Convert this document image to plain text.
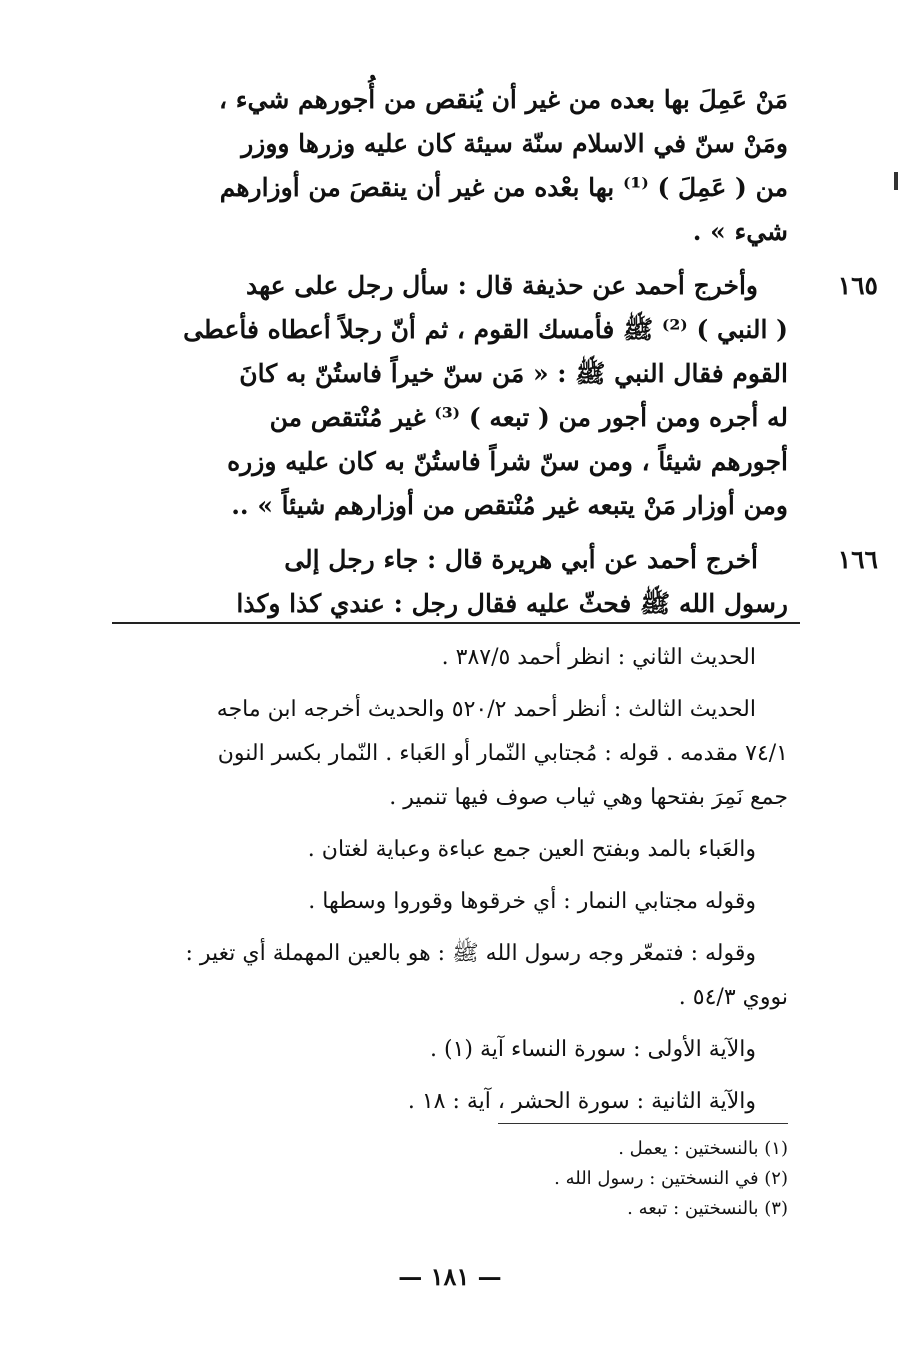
مَنْ عَمِلَ بها بعده من غير أن يُنقص من أُجورهم شيء ،
ومَنْ سنّ في الاسلام سنّة سيئة كان عليه وزرها ووزر
من ( عَمِلَ ) ⁽¹⁾ بها بعْده من غير أن ينقصَ من أوزارهم
شيء » .
١٦٥
وأخرج أحمد عن حذيفة قال : سأل رجل على عهد
( النبي ) ⁽²⁾ ﷺ فأمسك القوم ، ثم أنّ رجلاً أعطاه فأعطى
القوم فقال النبي ﷺ : « مَن سنّ خيراً فاستُنّ به كانَ
له أجره ومن أجور من ( تبعه ) ⁽³⁾ غير مُنْتقص من
أجورهم شيئاً ، ومن سنّ شراً فاستُنّ به كان عليه وزره
ومن أوزار مَنْ يتبعه غير مُنْتقص من أوزارهم شيئاً » ..
١٦٦
أخرج أحمد عن أبي هريرة قال : جاء رجل إلى
رسول الله ﷺ فحثّ عليه فقال رجل : عندي كذا وكذا

الحديث الثاني : انظر أحمد ٣٨٧/٥ .

الحديث الثالث : أنظر أحمد ٥٢٠/٢ والحديث أخرجه ابن ماجه
٧٤/١ مقدمه . قوله : مُجتابي النّمار أو العَباء . النّمار بكسر النون
جمع نَمِرَ بفتحها وهي ثياب صوف فيها تنمير .

والعَباء بالمد وبفتح العين جمع عباءة وعباية لغتان .

وقوله مجتابي النمار : أي خرقوها وقوروا وسطها .

وقوله : فتمعّر وجه رسول الله ﷺ : هو بالعين المهملة أي تغير :
نووي ٥٤/٣ .

والآية الأولى : سورة النساء آية (١) .

والآية الثانية : سورة الحشر ، آية : ١٨ .

(١) بالنسختين : يعمل .
(٢) في النسختين : رسول الله .
(٣) بالنسختين : تبعه .
— ١٨١ —
